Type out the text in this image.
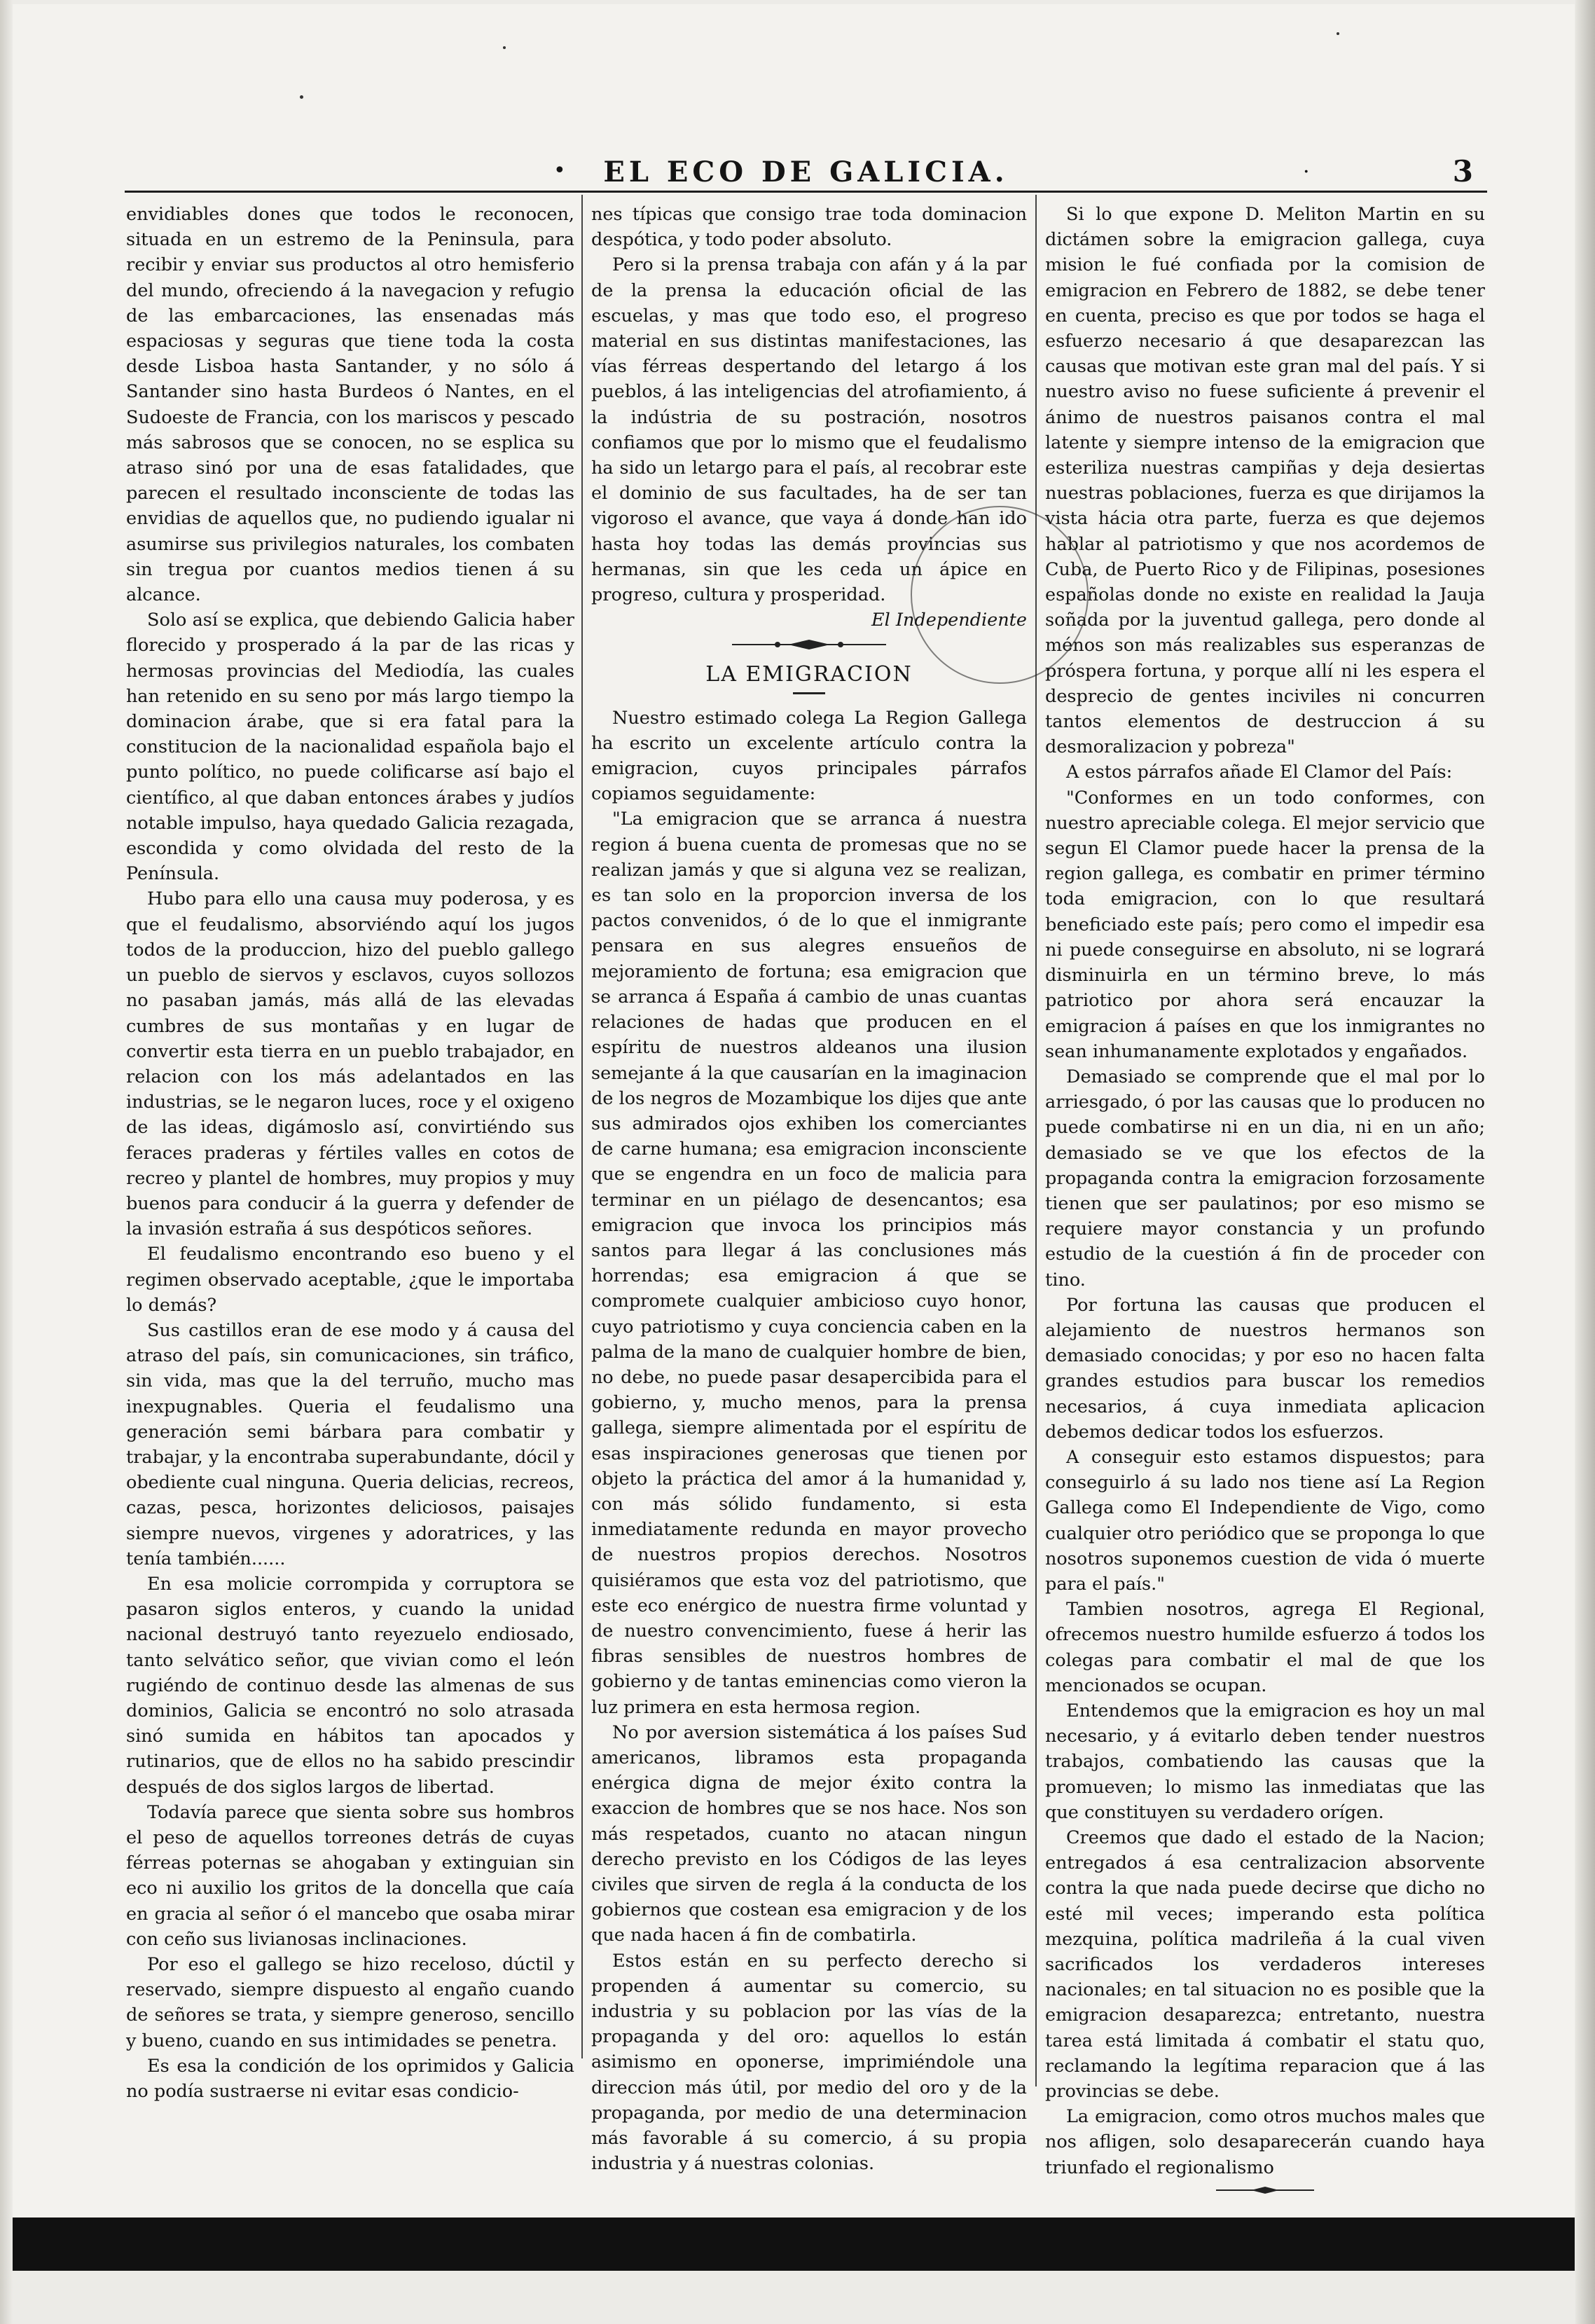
•	EL ECO DE GALICIA.	·	3

envidiables dones que todos le reconocen, situada en un estremo de la Peninsula, para recibir y enviar sus productos al otro hemisferio del mundo, ofreciendo á la navegacion y refugio de las embarcaciones, las ensenadas más espaciosas y seguras que tiene toda la costa desde Lisboa hasta Santander, y no sólo á Santander sino hasta Burdeos ó Nantes, en el Sudoeste de Francia, con los mariscos y pescado más sabrosos que se conocen, no se esplica su atraso sinó por una de esas fatalidades, que parecen el resultado inconsciente de todas las envidias de aquellos que, no pudiendo igualar ni asumirse sus privilegios naturales, los combaten sin tregua por cuantos medios tienen á su alcance.

Solo así se explica, que debiendo Galicia haber florecido y prosperado á la par de las ricas y hermosas provincias del Mediodía, las cuales han retenido en su seno por más largo tiempo la dominacion árabe, que si era fatal para la constitucion de la nacionalidad española bajo el punto político, no puede colificarse así bajo el científico, al que daban entonces árabes y judíos notable impulso, haya quedado Galicia rezagada, escondida y como olvidada del resto de la Península.

Hubo para ello una causa muy poderosa, y es que el feudalismo, absorviéndo aquí los jugos todos de la produccion, hizo del pueblo gallego un pueblo de siervos y esclavos, cuyos sollozos no pasaban jamás, más allá de las elevadas cumbres de sus montañas y en lugar de convertir esta tierra en un pueblo trabajador, en relacion con los más adelantados en las industrias, se le negaron luces, roce y el oxigeno de las ideas, digámoslo así, convirtiéndo sus feraces praderas y fértiles valles en cotos de recreo y plantel de hombres, muy propios y muy buenos para conducir á la guerra y defender de la invasión estraña á sus despóticos señores.

El feudalismo encontrando eso bueno y el regimen observado aceptable, ¿que le importaba lo demás?

Sus castillos eran de ese modo y á causa del atraso del país, sin comunicaciones, sin tráfico, sin vida, mas que la del terruño, mucho mas inexpugnables. Queria el feudalismo una generación semi bárbara para combatir y trabajar, y la encontraba superabundante, dócil y obediente cual ninguna. Queria delicias, recreos, cazas, pesca, horizontes deliciosos, paisajes siempre nuevos, virgenes y adoratrices, y las tenía también......

En esa molicie corrompida y corruptora se pasaron siglos enteros, y cuando la unidad nacional destruyó tanto reyezuelo endiosado, tanto selvático señor, que vivian como el león rugiéndo de continuo desde las almenas de sus dominios, Galicia se encontró no solo atrasada sinó sumida en hábitos tan apocados y rutinarios, que de ellos no ha sabido prescindir después de dos siglos largos de libertad.

Todavía parece que sienta sobre sus hombros el peso de aquellos torreones detrás de cuyas férreas poternas se ahogaban y extinguian sin eco ni auxilio los gritos de la doncella que caía en gracia al señor ó el mancebo que osaba mirar con ceño sus livianosas inclinaciones.

Por eso el gallego se hizo receloso, dúctil y reservado, siempre dispuesto al engaño cuando de señores se trata, y siempre generoso, sencillo y bueno, cuando en sus intimidades se penetra.

Es esa la condición de los oprimidos y Galicia no podía sustraerse ni evitar esas condicio-

nes típicas que consigo trae toda dominacion despótica, y todo poder absoluto.

Pero si la prensa trabaja con afán y á la par de la prensa la educación oficial de las escuelas, y mas que todo eso, el progreso material en sus distintas manifestaciones, las vías férreas despertando del letargo á los pueblos, á las inteligencias del atrofiamiento, á la indústria de su postración, nosotros confiamos que por lo mismo que el feudalismo ha sido un letargo para el país, al recobrar este el dominio de sus facultades, ha de ser tan vigoroso el avance, que vaya á donde han ido hasta hoy todas las demás provincias sus hermanas, sin que les ceda un ápice en progreso, cultura y prosperidad.

El Independiente

LA EMIGRACION

Nuestro estimado colega La Region Gallega ha escrito un excelente artículo contra la emigracion, cuyos principales párrafos copiamos seguidamente:

"La emigracion que se arranca á nuestra region á buena cuenta de promesas que no se realizan jamás y que si alguna vez se realizan, es tan solo en la proporcion inversa de los pactos convenidos, ó de lo que el inmigrante pensara en sus alegres ensueños de mejoramiento de fortuna; esa emigracion que se arranca á España á cambio de unas cuantas relaciones de hadas que producen en el espíritu de nuestros aldeanos una ilusion semejante á la que causarían en la imaginacion de los negros de Mozambique los dijes que ante sus admirados ojos exhiben los comerciantes de carne humana; esa emigracion inconsciente que se engendra en un foco de malicia para terminar en un piélago de desencantos; esa emigracion que invoca los principios más santos para llegar á las conclusiones más horrendas; esa emigracion á que se compromete cualquier ambicioso cuyo honor, cuyo patriotismo y cuya conciencia caben en la palma de la mano de cualquier hombre de bien, no debe, no puede pasar desapercibida para el gobierno, y, mucho menos, para la prensa gallega, siempre alimentada por el espíritu de esas inspiraciones generosas que tienen por objeto la práctica del amor á la humanidad y, con más sólido fundamento, si esta inmediatamente redunda en mayor provecho de nuestros propios derechos. Nosotros quisiéramos que esta voz del patriotismo, que este eco enérgico de nuestra firme voluntad y de nuestro convencimiento, fuese á herir las fibras sensibles de nuestros hombres de gobierno y de tantas eminencias como vieron la luz primera en esta hermosa region.

No por aversion sistemática á los países Sud americanos, libramos esta propaganda enérgica digna de mejor éxito contra la exaccion de hombres que se nos hace. Nos son más respetados, cuanto no atacan ningun derecho previsto en los Códigos de las leyes civiles que sirven de regla á la conducta de los gobiernos que costean esa emigracion y de los que nada hacen á fin de combatirla.

Estos están en su perfecto derecho si propenden á aumentar su comercio, su industria y su poblacion por las vías de la propaganda y del oro: aquellos lo están asimismo en oponerse, imprimiéndole una direccion más útil, por medio del oro y de la propaganda, por medio de una determinacion más favorable á su comercio, á su propia industria y á nuestras colonias.

Si lo que expone D. Meliton Martin en su dictámen sobre la emigracion gallega, cuya mision le fué confiada por la comision de emigracion en Febrero de 1882, se debe tener en cuenta, preciso es que por todos se haga el esfuerzo necesario á que desaparezcan las causas que motivan este gran mal del país. Y si nuestro aviso no fuese suficiente á prevenir el ánimo de nuestros paisanos contra el mal latente y siempre intenso de la emigracion que esteriliza nuestras campiñas y deja desiertas nuestras poblaciones, fuerza es que dirijamos la vista hácia otra parte, fuerza es que dejemos hablar al patriotismo y que nos acordemos de Cuba, de Puerto Rico y de Filipinas, posesiones españolas donde no existe en realidad la Jauja soñada por la juventud gallega, pero donde al ménos son más realizables sus esperanzas de próspera fortuna, y porque allí ni les espera el desprecio de gentes inciviles ni concurren tantos elementos de destruccion á su desmoralizacion y pobreza"

A estos párrafos añade El Clamor del País:

"Conformes en un todo conformes, con nuestro apreciable colega. El mejor servicio que segun El Clamor puede hacer la prensa de la region gallega, es combatir en primer término toda emigracion, con lo que resultará beneficiado este país; pero como el impedir esa ni puede conseguirse en absoluto, ni se logrará disminuirla en un término breve, lo más patriotico por ahora será encauzar la emigracion á países en que los inmigrantes no sean inhumanamente explotados y engañados.

Demasiado se comprende que el mal por lo arriesgado, ó por las causas que lo producen no puede combatirse ni en un dia, ni en un año; demasiado se ve que los efectos de la propaganda contra la emigracion forzosamente tienen que ser paulatinos; por eso mismo se requiere mayor constancia y un profundo estudio de la cuestión á fin de proceder con tino.

Por fortuna las causas que producen el alejamiento de nuestros hermanos son demasiado conocidas; y por eso no hacen falta grandes estudios para buscar los remedios necesarios, á cuya inmediata aplicacion debemos dedicar todos los esfuerzos.

A conseguir esto estamos dispuestos; para conseguirlo á su lado nos tiene así La Region Gallega como El Independiente de Vigo, como cualquier otro periódico que se proponga lo que nosotros suponemos cuestion de vida ó muerte para el país."

Tambien nosotros, agrega El Regional, ofrecemos nuestro humilde esfuerzo á todos los colegas para combatir el mal de que los mencionados se ocupan.

Entendemos que la emigracion es hoy un mal necesario, y á evitarlo deben tender nuestros trabajos, combatiendo las causas que la promueven; lo mismo las inmediatas que las que constituyen su verdadero orígen.

Creemos que dado el estado de la Nacion; entregados á esa centralizacion absorvente contra la que nada puede decirse que dicho no esté mil veces; imperando esta política mezquina, política madrileña á la cual viven sacrificados los verdaderos intereses nacionales; en tal situacion no es posible que la emigracion desaparezca; entretanto, nuestra tarea está limitada á combatir el statu quo, reclamando la legítima reparacion que á las provincias se debe.

La emigracion, como otros muchos males que nos afligen, solo desaparecerán cuando haya triunfado el regionalismo
